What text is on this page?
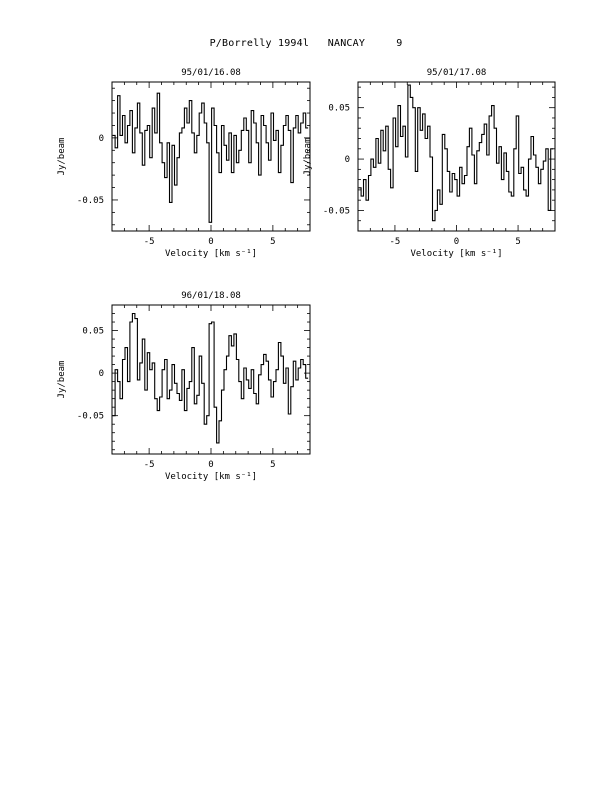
P/Borrelly 1994l NANCAY	9
-5	0	5
-0.05
0
95/01/16.08
Velocity [km s⁻¹]
Jy/beam
-5	0	5
-0.05
0
0.05
95/01/17.08
Velocity [km s⁻¹]
Jy/beam
-5	0	5
-0.05
0
0.05
96/01/18.08
Velocity [km s⁻¹]
Jy/beam
